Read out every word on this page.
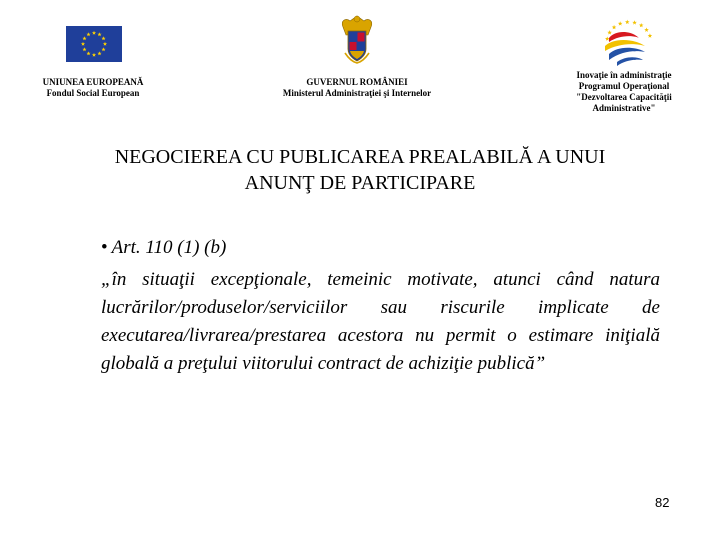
UNIUNEA EUROPEANĂ
Fondul Social European
GUVERNUL ROMÂNIEI
Ministerul Administraţiei şi Internelor
Inovaţie în administraţie
Programul Operaţional
"Dezvoltarea Capacităţii
Administrative"
NEGOCIEREA CU PUBLICAREA PREALABILĂ A UNUI
ANUNŢ DE PARTICIPARE
• Art. 110 (1) (b)
„în situaţii excepţionale, temeinic motivate, atunci când natura lucrărilor/produselor/serviciilor sau riscurile implicate de executarea/livrarea/prestarea acestora nu permit o estimare iniţială globală a preţului viitorului contract de achiziţie publică”
82
